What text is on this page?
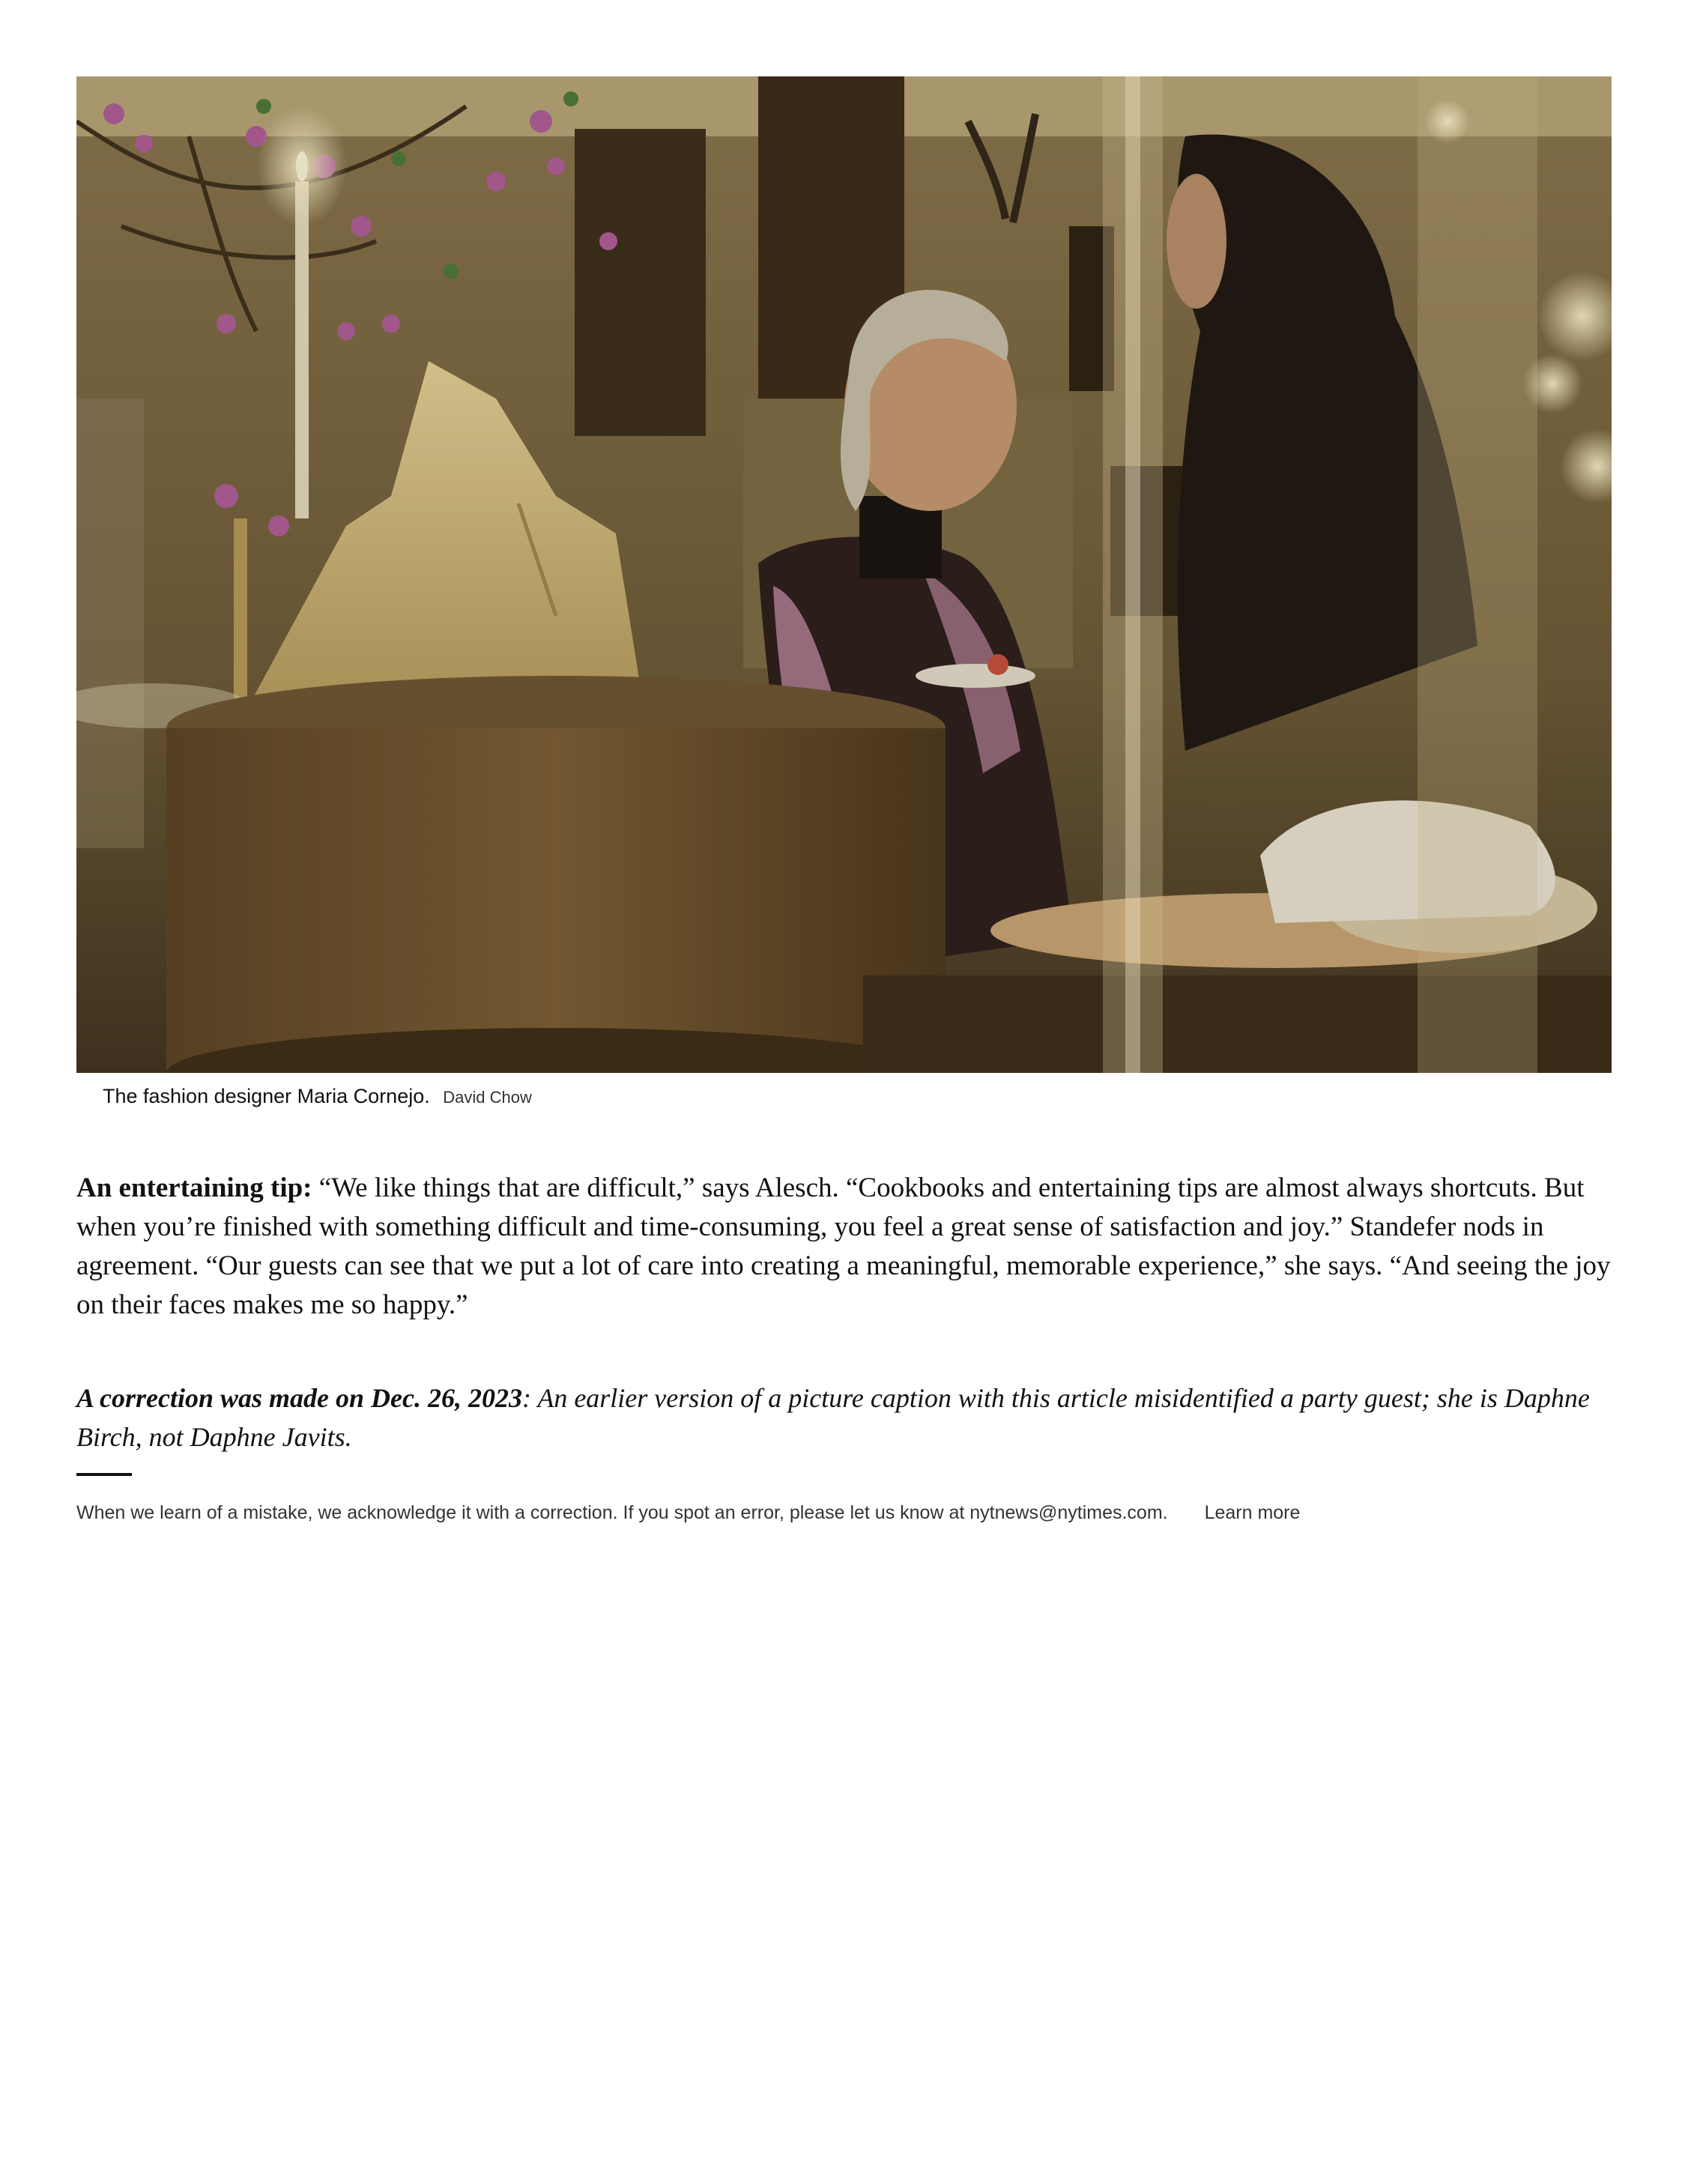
The fashion designer Maria Cornejo. David Chow

An entertaining tip: “We like things that are difficult,” says Alesch. “Cookbooks and entertaining tips are almost always shortcuts. But when you’re finished with something difficult and time-consuming, you feel a great sense of satisfaction and joy.” Standefer nods in agreement. “Our guests can see that we put a lot of care into creating a meaningful, memorable experience,” she says. “And seeing the joy on their faces makes me so happy.”

A correction was made on Dec. 26, 2023: An earlier version of a picture caption with this article misidentified a party guest; she is Daphne Birch, not Daphne Javits.

When we learn of a mistake, we acknowledge it with a correction. If you spot an error, please let us know at nytnews@nytimes.com. Learn more
